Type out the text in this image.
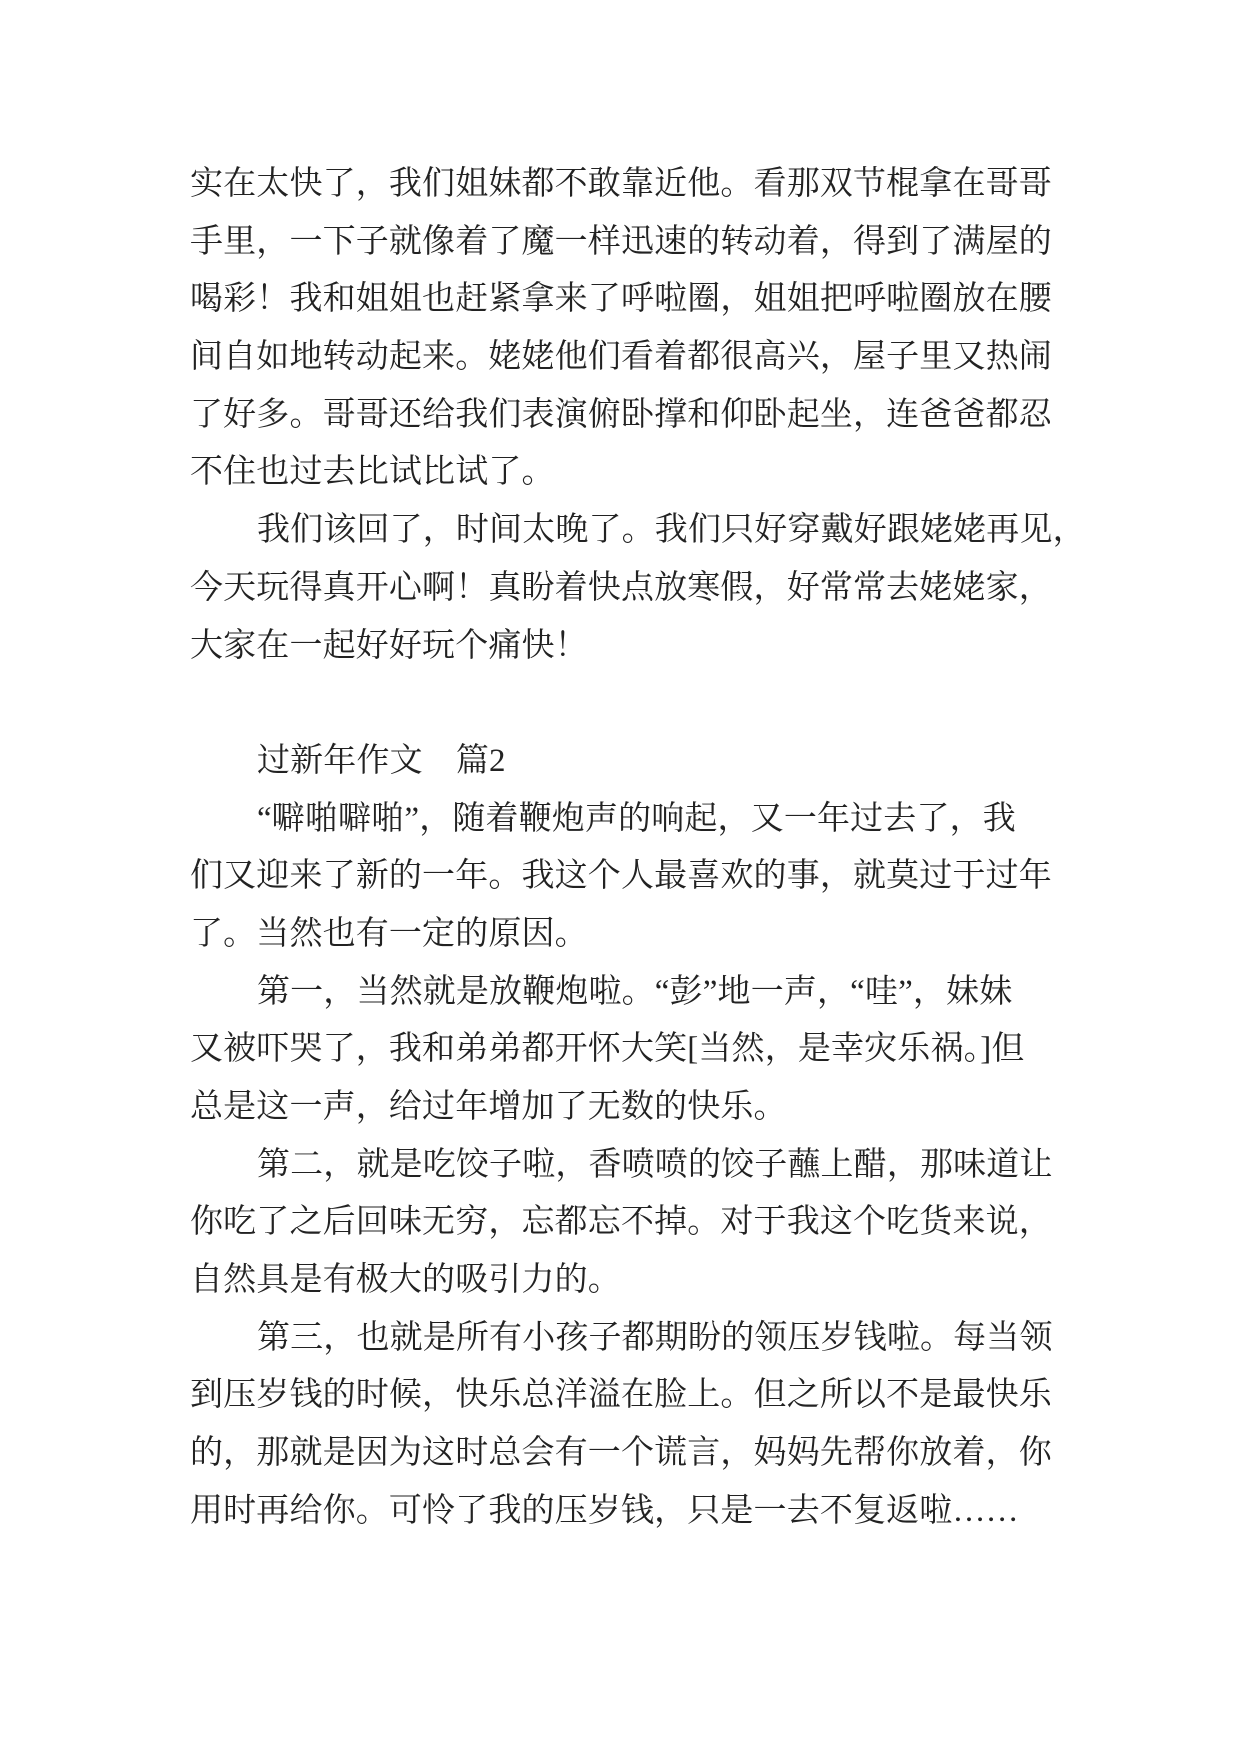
实在太快了，我们姐妹都不敢靠近他。看那双节棍拿在哥哥
手里，一下子就像着了魔一样迅速的转动着，得到了满屋的
喝彩！我和姐姐也赶紧拿来了呼啦圈，姐姐把呼啦圈放在腰
间自如地转动起来。姥姥他们看着都很高兴，屋子里又热闹
了好多。哥哥还给我们表演俯卧撑和仰卧起坐，连爸爸都忍
不住也过去比试比试了。
我们该回了，时间太晚了。我们只好穿戴好跟姥姥再见，
今天玩得真开心啊！真盼着快点放寒假，好常常去姥姥家，
大家在一起好好玩个痛快！
过新年作文　篇2
“噼啪噼啪”，随着鞭炮声的响起，又一年过去了，我
们又迎来了新的一年。我这个人最喜欢的事，就莫过于过年
了。当然也有一定的原因。
第一，当然就是放鞭炮啦。“彭”地一声，“哇”，妹妹
又被吓哭了，我和弟弟都开怀大笑[当然，是幸灾乐祸。]但
总是这一声，给过年增加了无数的快乐。
第二，就是吃饺子啦，香喷喷的饺子蘸上醋，那味道让
你吃了之后回味无穷，忘都忘不掉。对于我这个吃货来说，
自然具是有极大的吸引力的。
第三，也就是所有小孩子都期盼的领压岁钱啦。每当领
到压岁钱的时候，快乐总洋溢在脸上。但之所以不是最快乐
的，那就是因为这时总会有一个谎言，妈妈先帮你放着，你
用时再给你。可怜了我的压岁钱，只是一去不复返啦……
